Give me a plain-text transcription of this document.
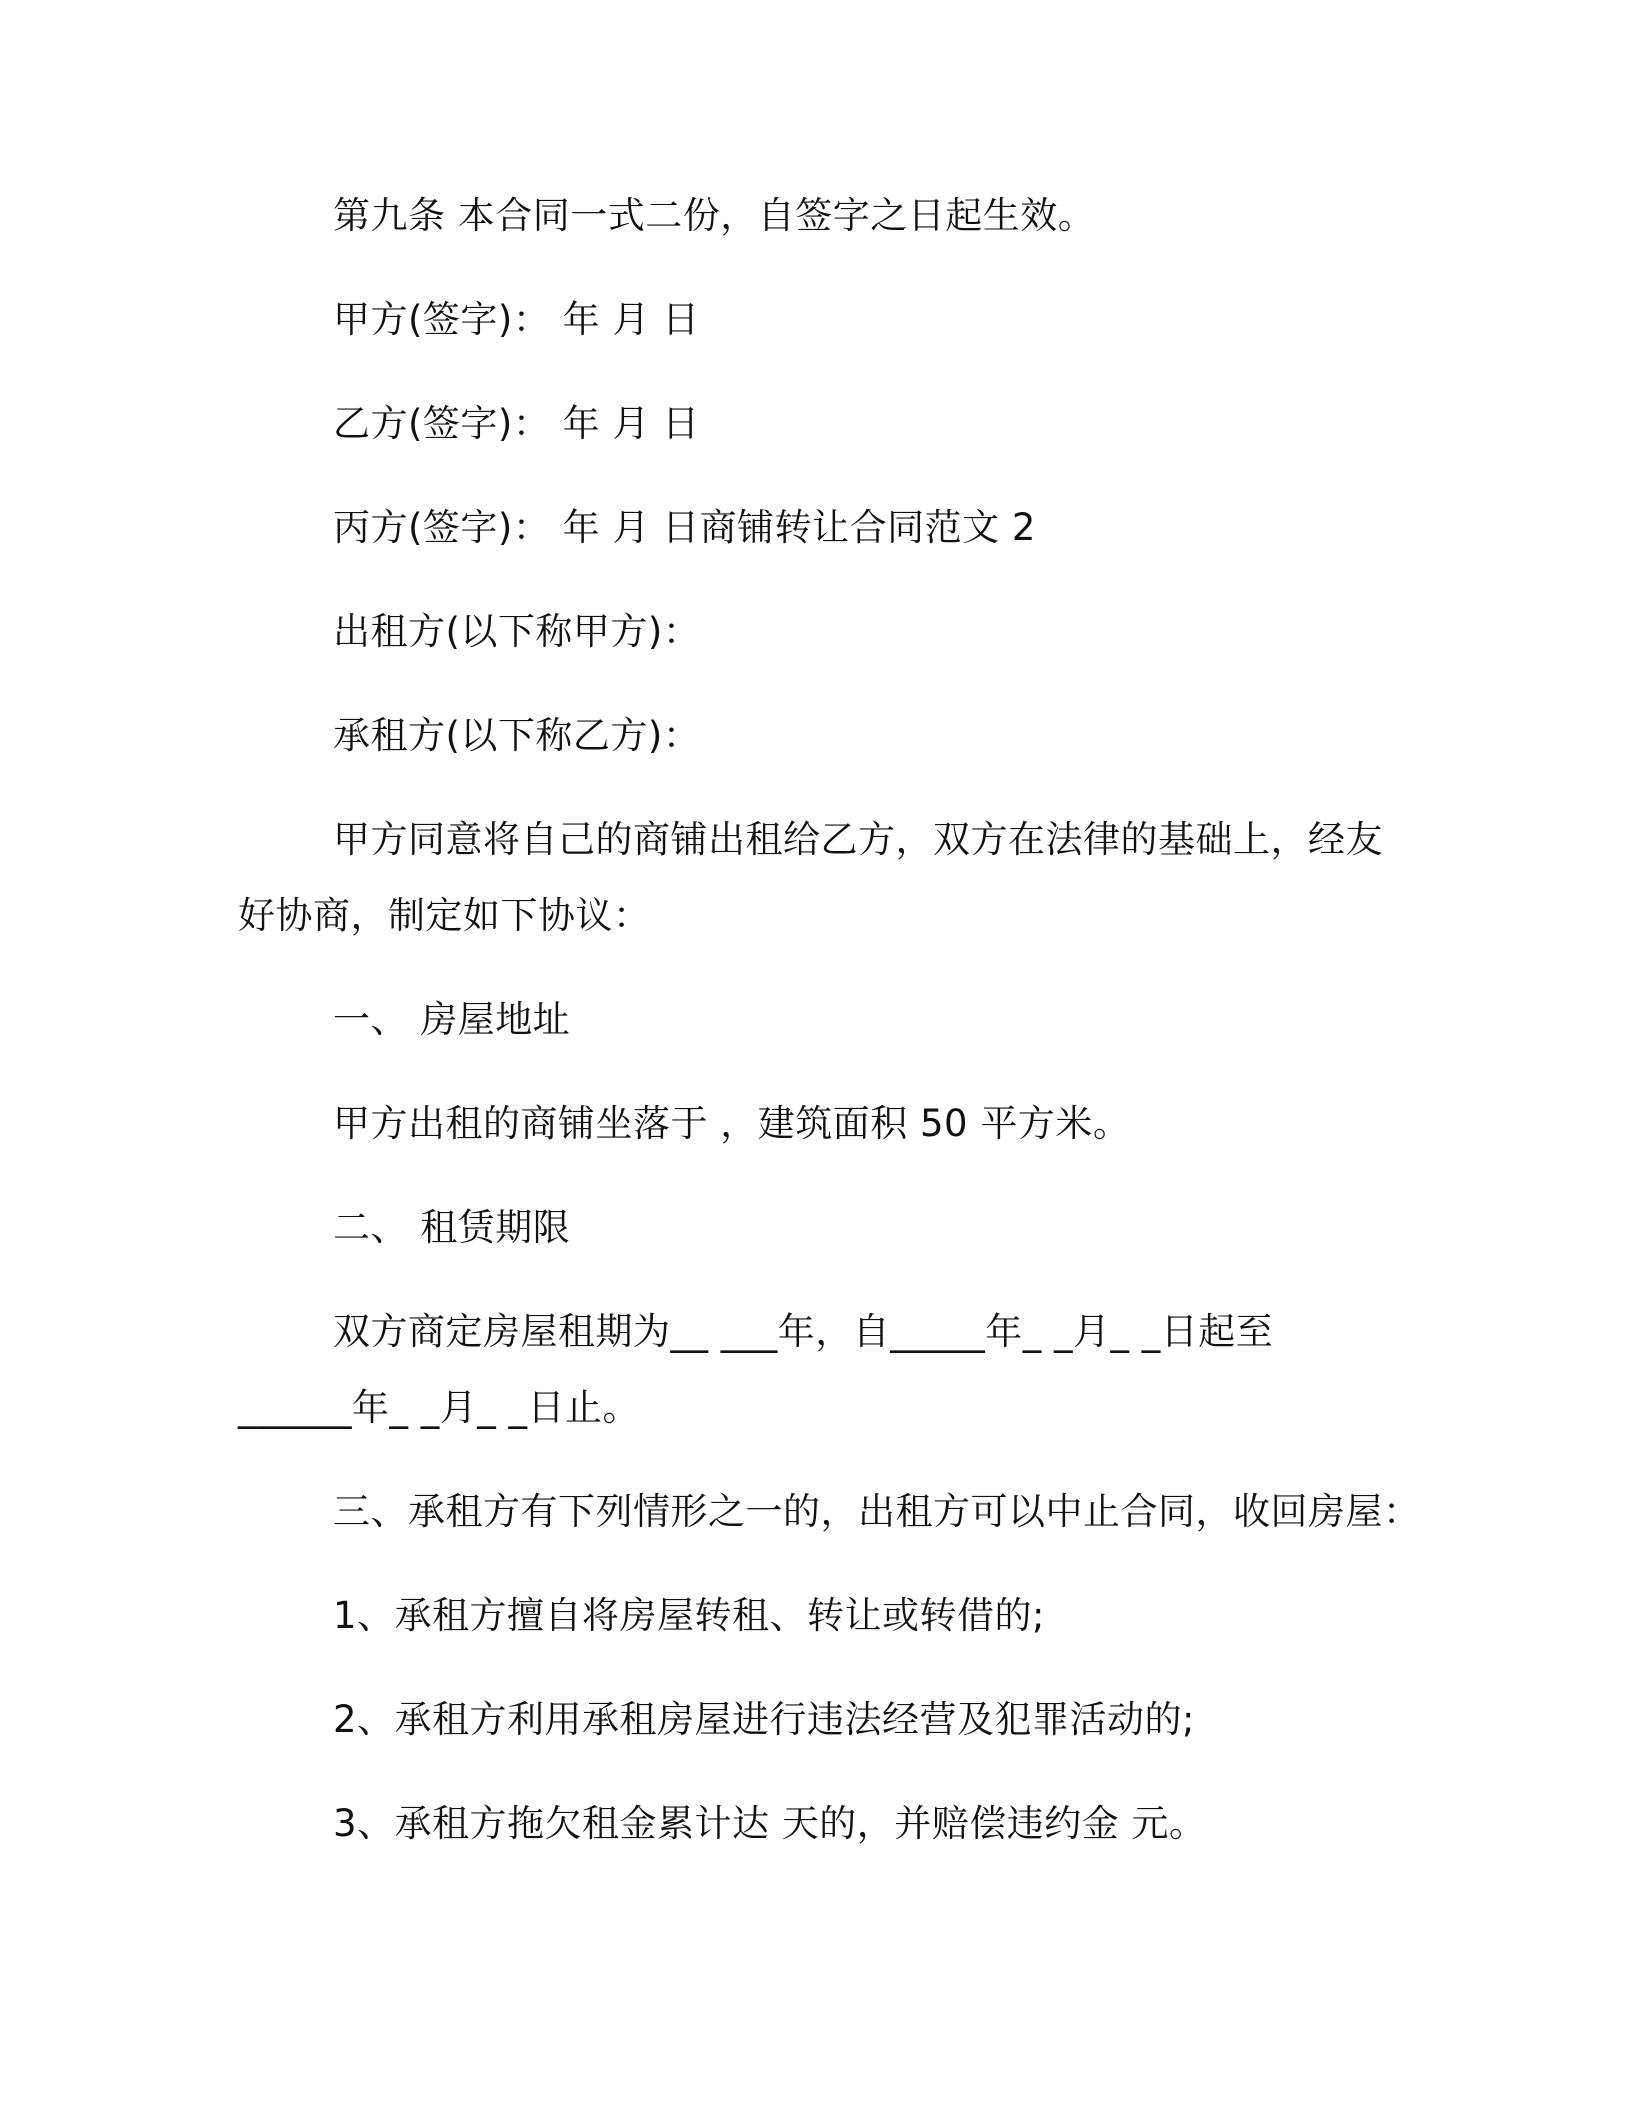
第九条 本合同一式二份，自签字之日起生效。
甲方(签字)： 年 月 日
乙方(签字)： 年 月 日
丙方(签字)： 年 月 日商铺转让合同范文 2
出租方(以下称甲方)：
承租方(以下称乙方)：
甲方同意将自己的商铺出租给乙方，双方在法律的基础上，经友
好协商，制定如下协议：
一、 房屋地址
甲方出租的商铺坐落于 ，建筑面积 50 平方米。
二、 租赁期限
双方商定房屋租期为__ ___年，自_____年_ _月_ _日起至
______年_ _月_ _日止。
三、承租方有下列情形之一的，出租方可以中止合同，收回房屋：
1、承租方擅自将房屋转租、转让或转借的;
2、承租方利用承租房屋进行违法经营及犯罪活动的;
3、承租方拖欠租金累计达 天的，并赔偿违约金 元。
